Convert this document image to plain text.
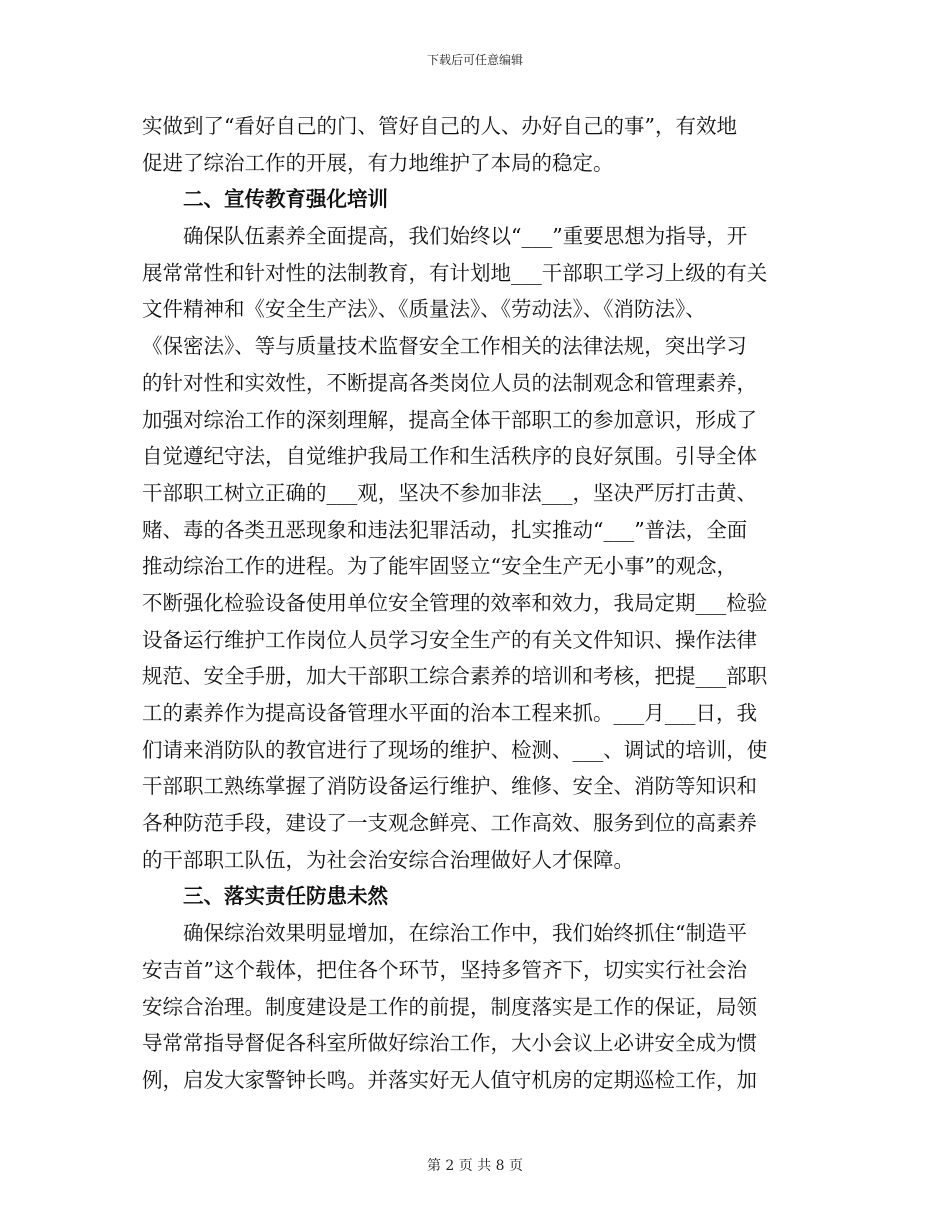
下载后可任意编辑
实做到了“看好自己的门、管好自己的人、办好自己的事”，有效地
促进了综治工作的开展，有力地维护了本局的稳定。
二、宣传教育强化培训
　　确保队伍素养全面提高，我们始终以“___”重要思想为指导，开
展常常性和针对性的法制教育，有计划地___干部职工学习上级的有关
文件精神和《安全生产法》、《质量法》、《劳动法》、《消防法》、
《保密法》、等与质量技术监督安全工作相关的法律法规，突出学习
的针对性和实效性，不断提高各类岗位人员的法制观念和管理素养，
加强对综治工作的深刻理解，提高全体干部职工的参加意识，形成了
自觉遵纪守法，自觉维护我局工作和生活秩序的良好氛围。引导全体
干部职工树立正确的___观，坚决不参加非法___，坚决严厉打击黄、
赌、毒的各类丑恶现象和违法犯罪活动，扎实推动“___”普法，全面
推动综治工作的进程。为了能牢固竖立“安全生产无小事”的观念，
不断强化检验设备使用单位安全管理的效率和效力，我局定期___检验
设备运行维护工作岗位人员学习安全生产的有关文件知识、操作法律
规范、安全手册，加大干部职工综合素养的培训和考核，把提___部职
工的素养作为提高设备管理水平面的治本工程来抓。___月___日，我
们请来消防队的教官进行了现场的维护、检测、___、调试的培训，使
干部职工熟练掌握了消防设备运行维护、维修、安全、消防等知识和
各种防范手段，建设了一支观念鲜亮、工作高效、服务到位的高素养
的干部职工队伍，为社会治安综合治理做好人才保障。
三、落实责任防患未然
　　确保综治效果明显增加，在综治工作中，我们始终抓住“制造平
安吉首”这个载体，把住各个环节，坚持多管齐下，切实实行社会治
安综合治理。制度建设是工作的前提，制度落实是工作的保证，局领
导常常指导督促各科室所做好综治工作，大小会议上必讲安全成为惯
例，启发大家警钟长鸣。并落实好无人值守机房的定期巡检工作，加
第 2 页 共 8 页
